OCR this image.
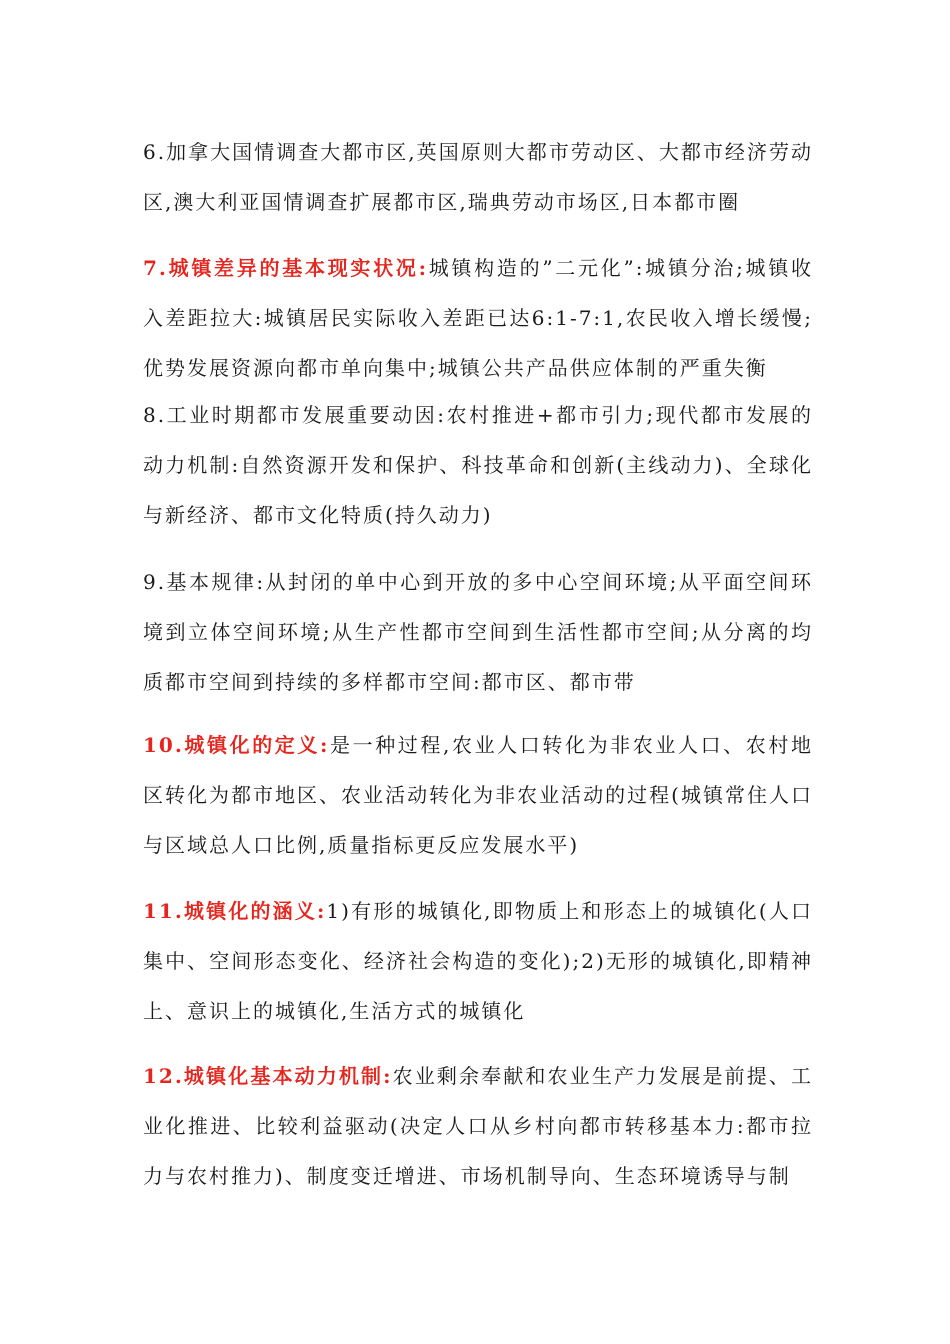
6.加拿大国情调查大都市区,英国原则大都市劳动区、大都市经济劳动区,澳大利亚国情调查扩展都市区,瑞典劳动市场区,日本都市圈

7.城镇差异的基本现实状况:城镇构造的”二元化”:城镇分治;城镇收入差距拉大:城镇居民实际收入差距已达6:1-7:1,农民收入增长缓慢;优势发展资源向都市单向集中;城镇公共产品供应体制的严重失衡

8.工业时期都市发展重要动因:农村推进+都市引力;现代都市发展的动力机制:自然资源开发和保护、科技革命和创新(主线动力)、全球化与新经济、都市文化特质(持久动力)

9.基本规律:从封闭的单中心到开放的多中心空间环境;从平面空间环境到立体空间环境;从生产性都市空间到生活性都市空间;从分离的均质都市空间到持续的多样都市空间:都市区、都市带

10.城镇化的定义:是一种过程,农业人口转化为非农业人口、农村地区转化为都市地区、农业活动转化为非农业活动的过程(城镇常住人口与区域总人口比例,质量指标更反应发展水平)

11.城镇化的涵义:1)有形的城镇化,即物质上和形态上的城镇化(人口集中、空间形态变化、经济社会构造的变化);2)无形的城镇化,即精神上、意识上的城镇化,生活方式的城镇化

12.城镇化基本动力机制:农业剩余奉献和农业生产力发展是前提、工业化推进、比较利益驱动(决定人口从乡村向都市转移基本力:都市拉力与农村推力)、制度变迁增进、市场机制导向、生态环境诱导与制
